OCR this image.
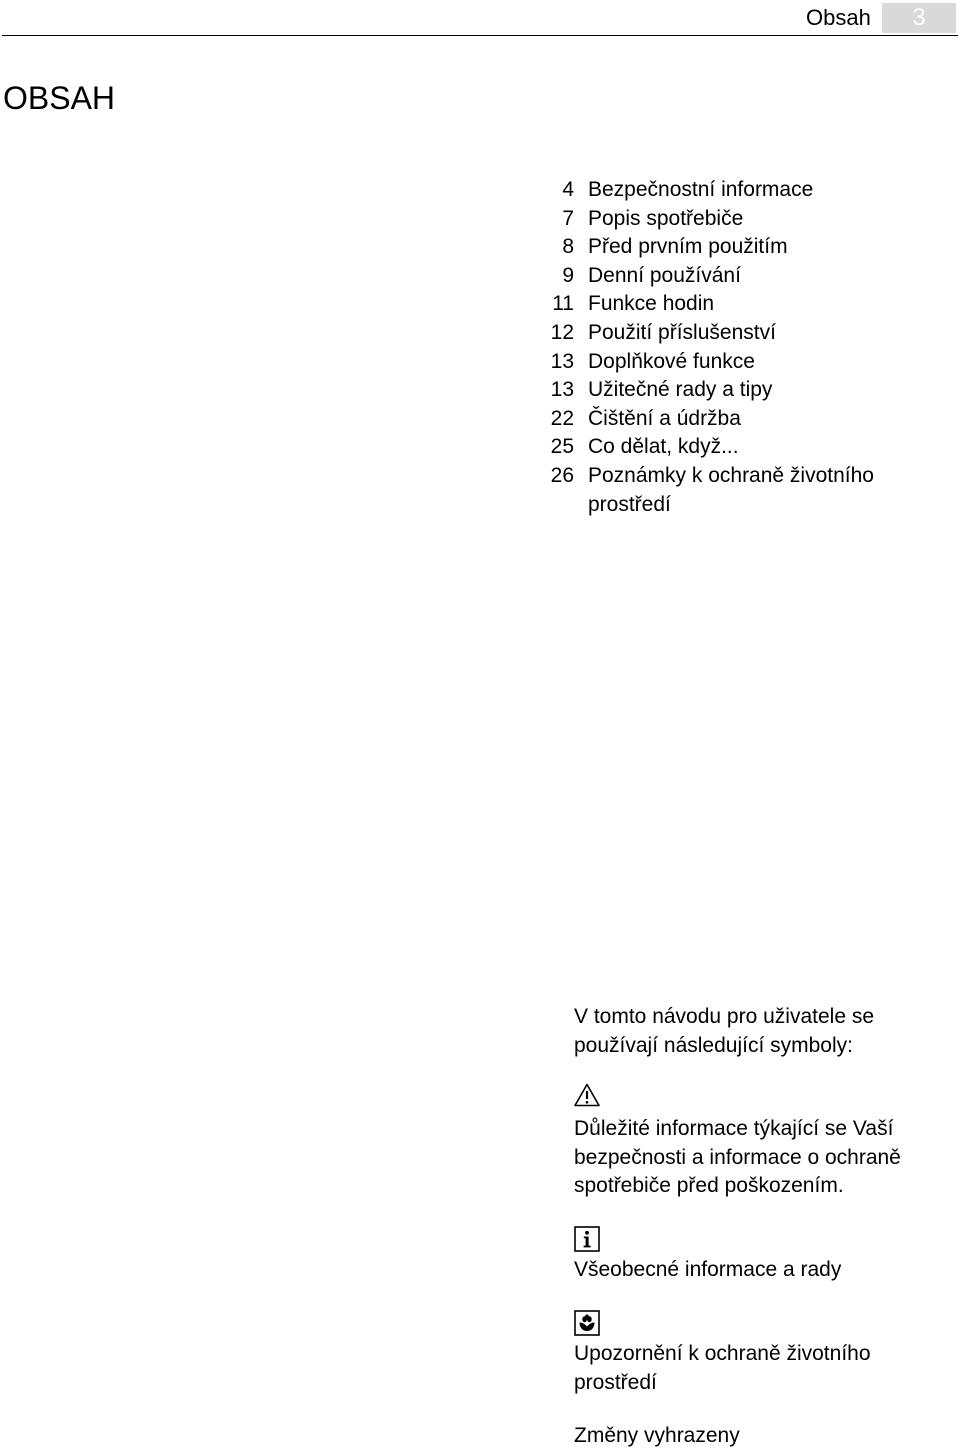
Obsah	3
OBSAH
4 Bezpečnostní informace
7 Popis spotřebiče
8 Před prvním použitím
9 Denní používání
11 Funkce hodin
12 Použití příslušenství
13 Doplňkové funkce
13 Užitečné rady a tipy
22 Čištění a údržba
25 Co dělat, když...
26 Poznámky k ochraně životního prostředí

V tomto návodu pro uživatele se používají následující symboly:

Důležité informace týkající se Vaší bezpečnosti a informace o ochraně spotřebiče před poškozením.

Všeobecné informace a rady

Upozornění k ochraně životního prostředí

Změny vyhrazeny
